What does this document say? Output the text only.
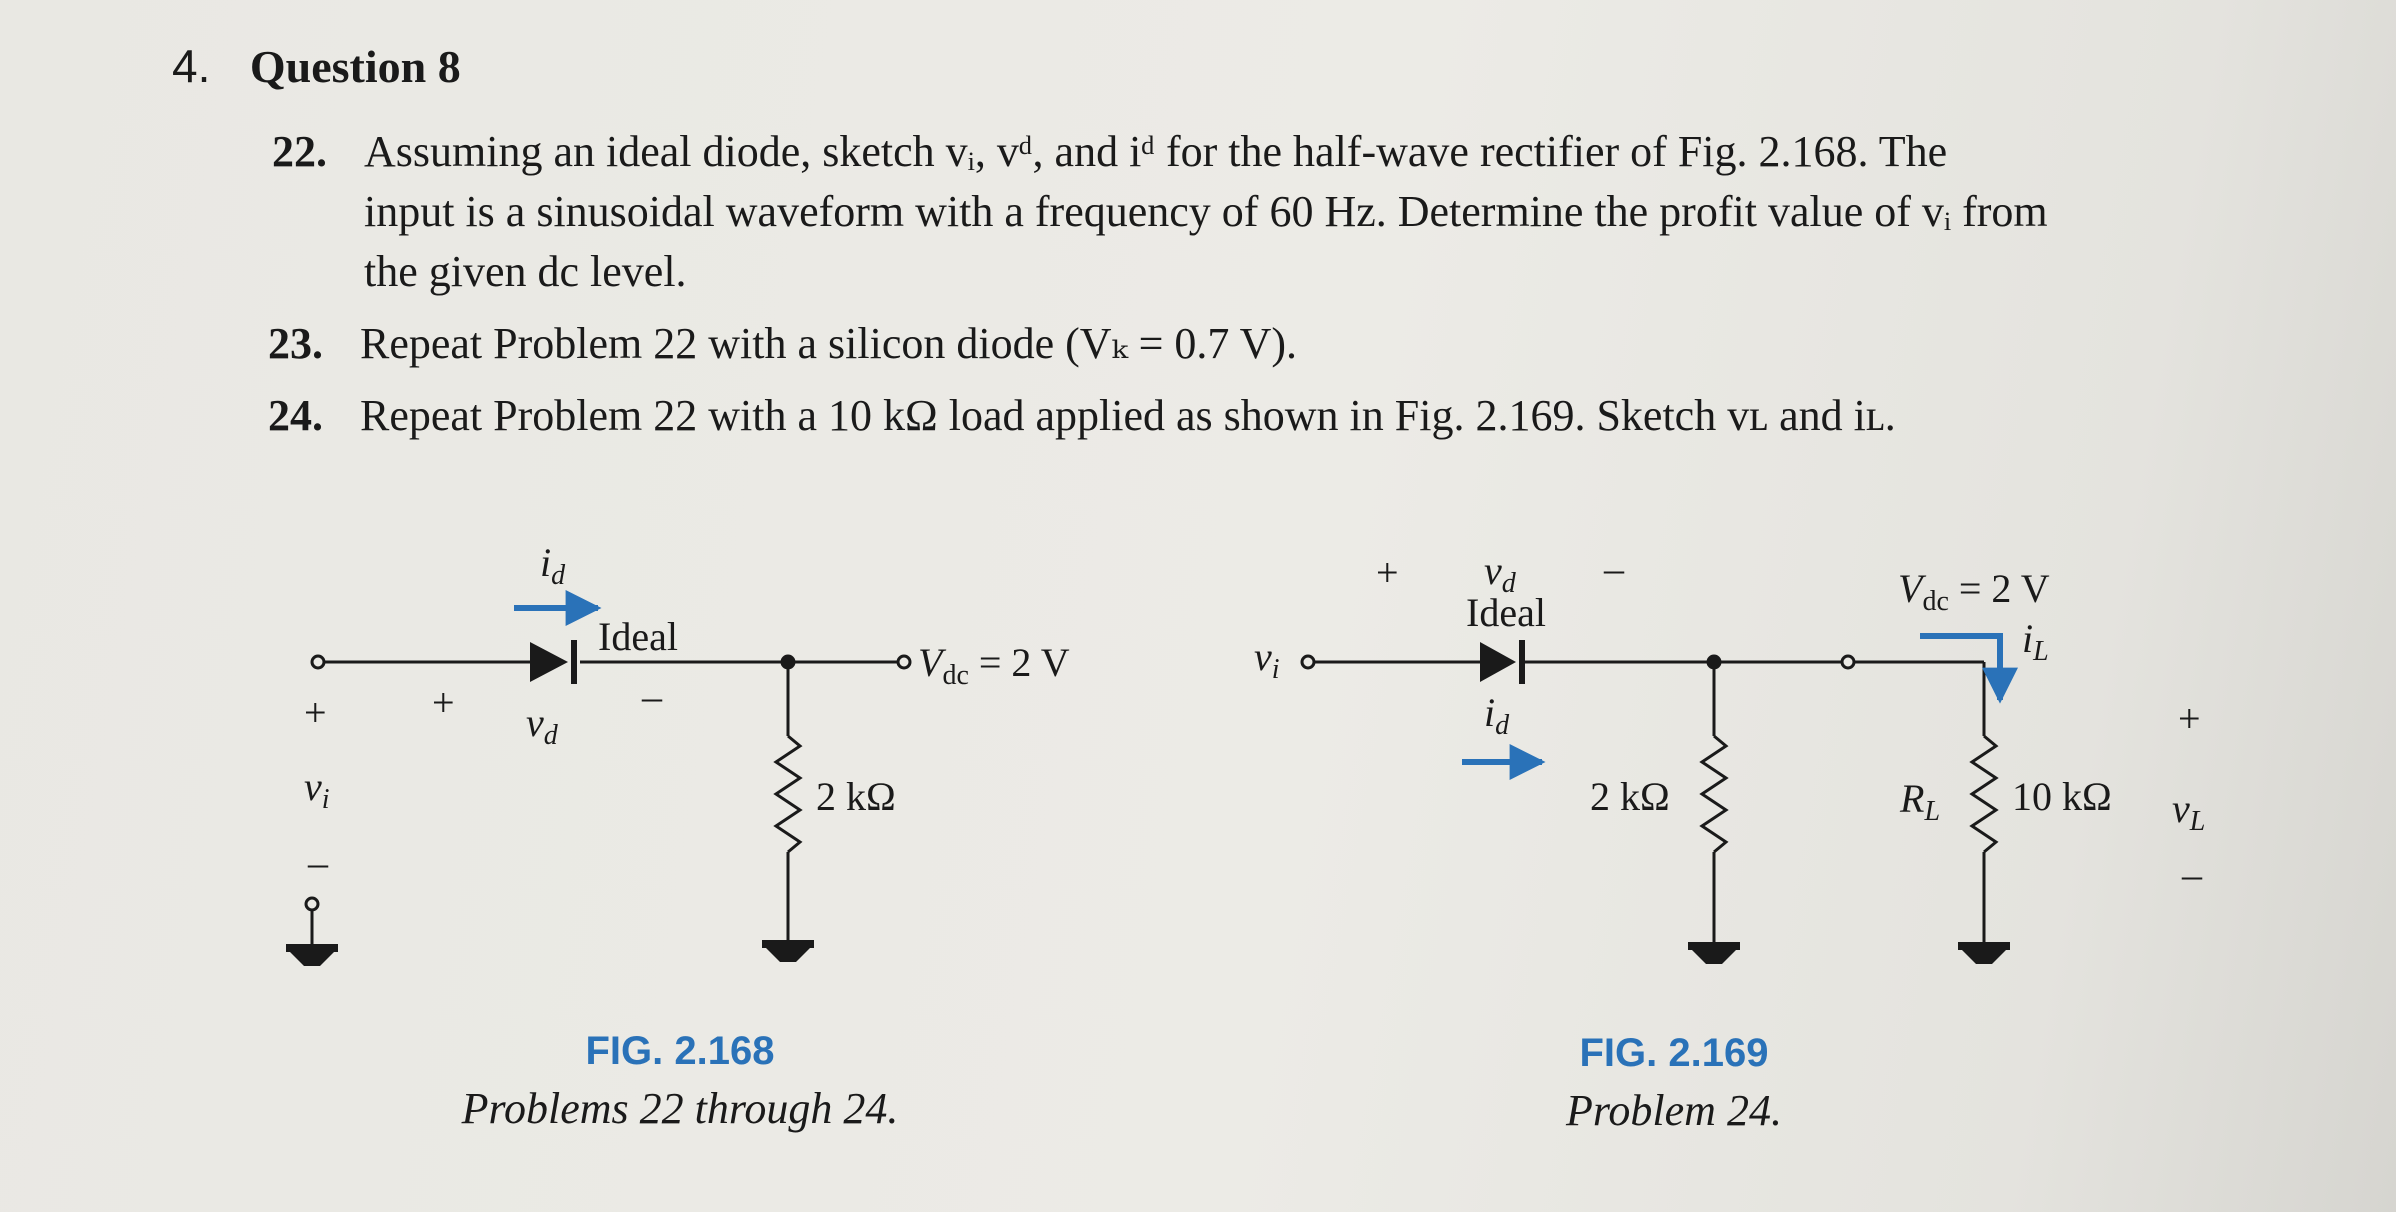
4. Question 8
22. Assuming an ideal diode, sketch vᵢ, vᵈ, and iᵈ for the half-wave rectifier of Fig. 2.168. The
input is a sinusoidal waveform with a frequency of 60 Hz. Determine the profit value of vᵢ from
the given dc level.
23. Repeat Problem 22 with a silicon diode (Vₖ = 0.7 V).
24. Repeat Problem 22 with a 10 kΩ load applied as shown in Fig. 2.169. Sketch vʟ and iʟ.
$i_d$
Ideal
$V_{dc} = 2$ V
+	+	–
$v_d$
$v_i$
–
2 kΩ
+ $v_d$ –
Ideal
$v_i$
$i_d$
2 kΩ
$V_{dc} = 2$ V
$i_L$
$R_L$ 10 kΩ $v_L$
+
–
FIG. 2.168
Problems 22 through 24.
FIG. 2.169
Problem 24.
